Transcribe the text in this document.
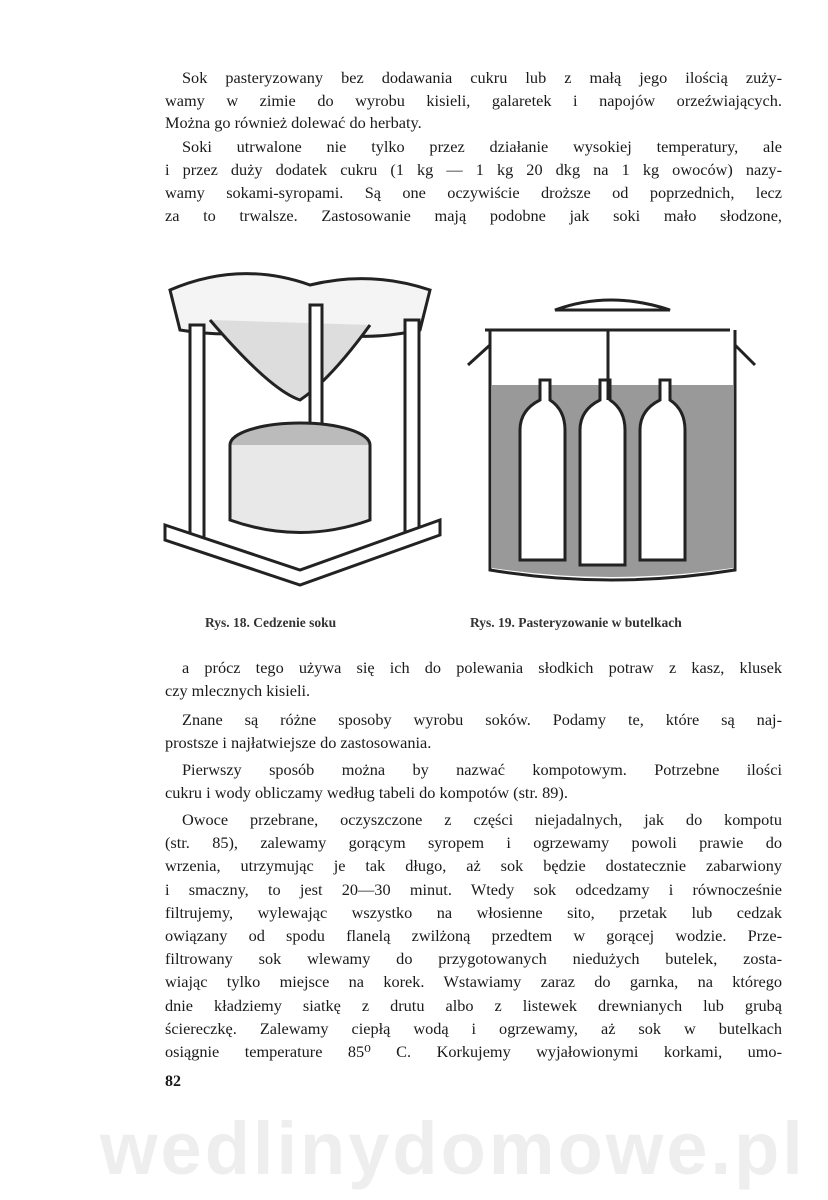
Sok pasteryzowany bez dodawania cukru lub z małą jego ilością zuży-
wamy w zimie do wyrobu kisieli, galaretek i napojów orzeźwiających.
Można go również dolewać do herbaty.
Soki utrwalone nie tylko przez działanie wysokiej temperatury, ale
i przez duży dodatek cukru (1 kg — 1 kg 20 dkg na 1 kg owoców) nazy-
wamy sokami-syropami. Są one oczywiście droższe od poprzednich, lecz
za to trwalsze. Zastosowanie mają podobne jak soki mało słodzone,
a prócz tego używa się ich do polewania słodkich potraw z kasz, klusek
czy mlecznych kisieli.
Znane są różne sposoby wyrobu soków. Podamy te, które są naj-
prostsze i najłatwiejsze do zastosowania.
Pierwszy sposób można by nazwać kompotowym. Potrzebne ilości
cukru i wody obliczamy według tabeli do kompotów (str. 89).
Owoce przebrane, oczyszczone z części niejadalnych, jak do kompotu
(str. 85), zalewamy gorącym syropem i ogrzewamy powoli prawie do
wrzenia, utrzymując je tak długo, aż sok będzie dostatecznie zabarwiony
i smaczny, to jest 20—30 minut. Wtedy sok odcedzamy i równocześnie
filtrujemy, wylewając wszystko na włosienne sito, przetak lub cedzak
owiązany od spodu flanelą zwilżoną przedtem w gorącej wodzie. Prze-
filtrowany sok wlewamy do przygotowanych niedużych butelek, zosta-
wiając tylko miejsce na korek. Wstawiamy zaraz do garnka, na którego
dnie kładziemy siatkę z drutu albo z listewek drewnianych lub grubą
ściereczkę. Zalewamy ciepłą wodą i ogrzewamy, aż sok w butelkach
osiągnie temperature 85⁰ C. Korkujemy wyjałowionymi korkami, umo-
Rys. 18. Cedzenie soku	Rys. 19. Pasteryzowanie w butelkach
82
wedlinydomowe.pl
